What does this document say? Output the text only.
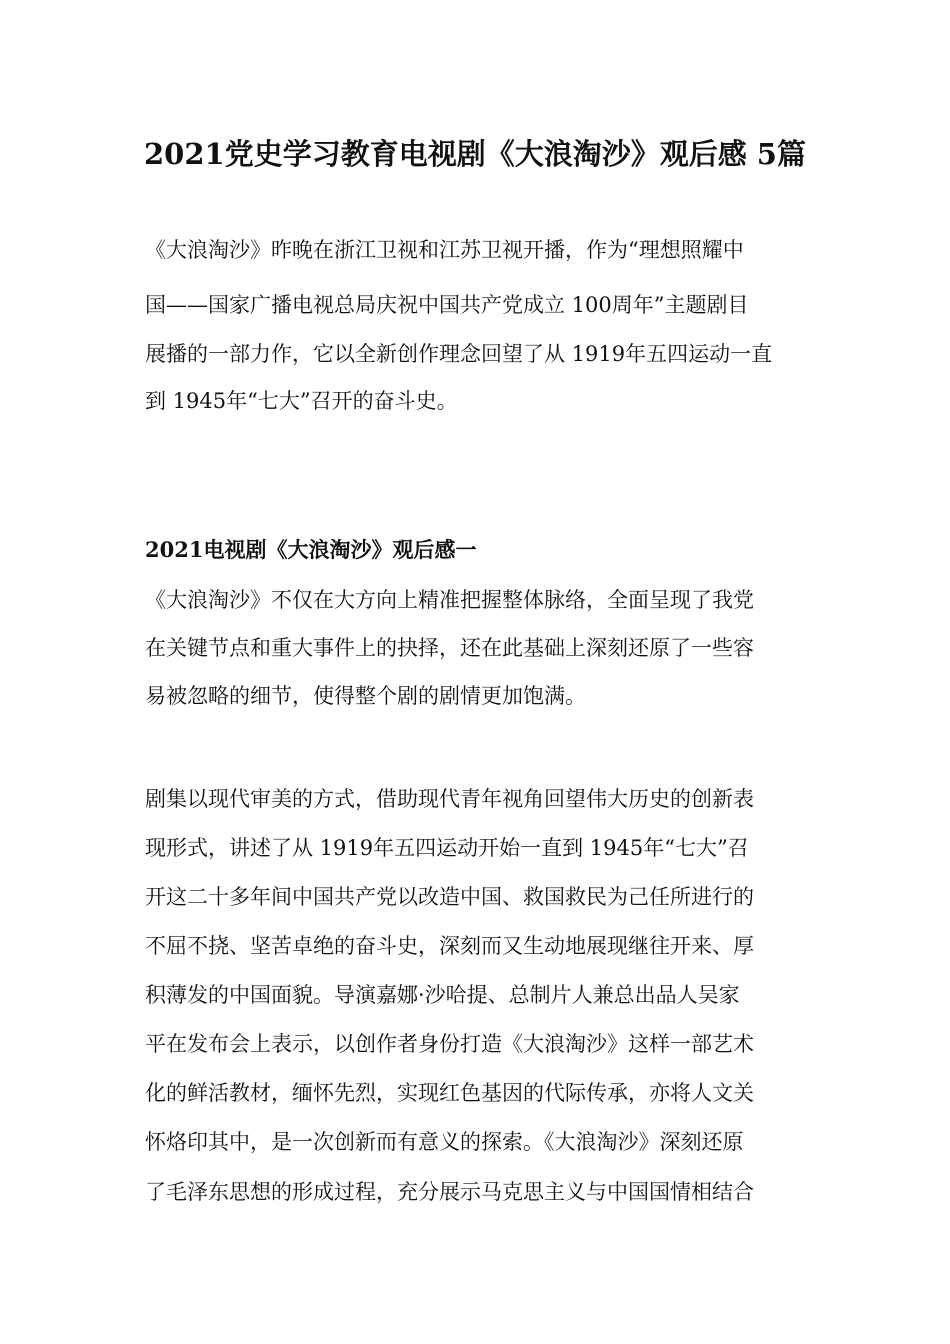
2021党史学习教育电视剧《大浪淘沙》观后感 5篇
《大浪淘沙》昨晚在浙江卫视和江苏卫视开播，作为“理想照耀中
国——国家广播电视总局庆祝中国共产党成立 100周年”主题剧目
展播的一部力作，它以全新创作理念回望了从 1919年五四运动一直
到 1945年“七大”召开的奋斗史。
2021电视剧《大浪淘沙》观后感一
《大浪淘沙》不仅在大方向上精准把握整体脉络，全面呈现了我党
在关键节点和重大事件上的抉择，还在此基础上深刻还原了一些容
易被忽略的细节，使得整个剧的剧情更加饱满。
剧集以现代审美的方式，借助现代青年视角回望伟大历史的创新表
现形式，讲述了从 1919年五四运动开始一直到 1945年“七大”召
开这二十多年间中国共产党以改造中国、救国救民为己任所进行的
不屈不挠、坚苦卓绝的奋斗史，深刻而又生动地展现继往开来、厚
积薄发的中国面貌。导演嘉娜·沙哈提、总制片人兼总出品人吴家
平在发布会上表示，以创作者身份打造《大浪淘沙》这样一部艺术
化的鲜活教材，缅怀先烈，实现红色基因的代际传承，亦将人文关
怀烙印其中，是一次创新而有意义的探索。《大浪淘沙》深刻还原
了毛泽东思想的形成过程，充分展示马克思主义与中国国情相结合
